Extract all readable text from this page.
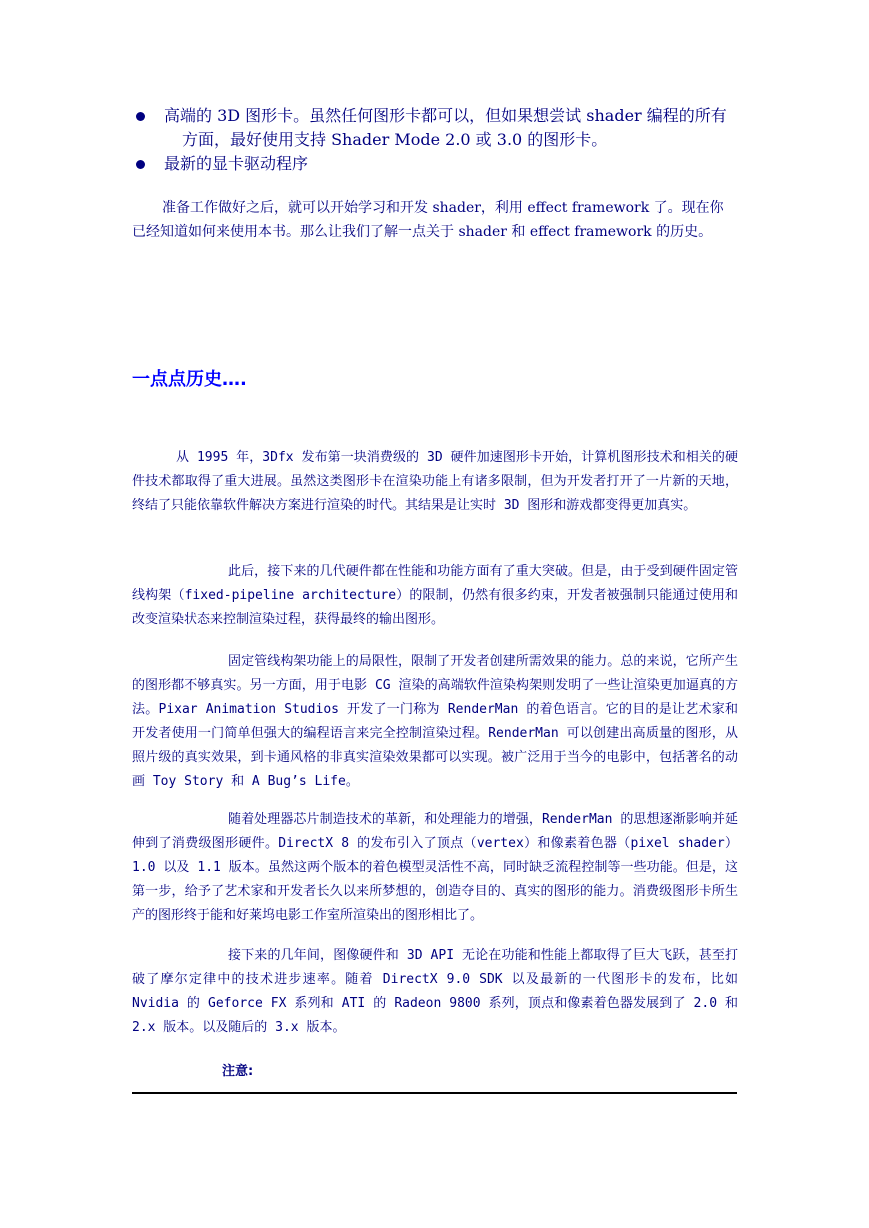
高端的 3D 图形卡。虽然任何图形卡都可以，但如果想尝试 shader 编程的所有方面，最好使用支持 Shader Mode 2.0 或 3.0 的图形卡。
最新的显卡驱动程序

准备工作做好之后，就可以开始学习和开发 shader，利用 effect framework 了。现在你已经知道如何来使用本书。那么让我们了解一点关于 shader 和 effect framework 的历史。

一点点历史….

从 1995 年，3Dfx 发布第一块消费级的 3D 硬件加速图形卡开始，计算机图形技术和相关的硬件技术都取得了重大进展。虽然这类图形卡在渲染功能上有诸多限制，但为开发者打开了一片新的天地，终结了只能依靠软件解决方案进行渲染的时代。其结果是让实时 3D 图形和游戏都变得更加真实。

此后，接下来的几代硬件都在性能和功能方面有了重大突破。但是，由于受到硬件固定管线构架（fixed-pipeline architecture）的限制，仍然有很多约束，开发者被强制只能通过使用和改变渲染状态来控制渲染过程，获得最终的输出图形。

固定管线构架功能上的局限性，限制了开发者创建所需效果的能力。总的来说，它所产生的图形都不够真实。另一方面，用于电影 CG 渲染的高端软件渲染构架则发明了一些让渲染更加逼真的方法。Pixar Animation Studios 开发了一门称为 RenderMan 的着色语言。它的目的是让艺术家和开发者使用一门简单但强大的编程语言来完全控制渲染过程。RenderMan 可以创建出高质量的图形，从照片级的真实效果，到卡通风格的非真实渲染效果都可以实现。被广泛用于当今的电影中，包括著名的动画 Toy Story 和 A Bug’s Life。

随着处理器芯片制造技术的革新，和处理能力的增强，RenderMan 的思想逐渐影响并延伸到了消费级图形硬件。DirectX 8 的发布引入了顶点（vertex）和像素着色器（pixel shader）1.0 以及 1.1 版本。虽然这两个版本的着色模型灵活性不高，同时缺乏流程控制等一些功能。但是，这第一步，给予了艺术家和开发者长久以来所梦想的，创造夺目的、真实的图形的能力。消费级图形卡所生产的图形终于能和好莱坞电影工作室所渲染出的图形相比了。

接下来的几年间，图像硬件和 3D API 无论在功能和性能上都取得了巨大飞跃，甚至打破了摩尔定律中的技术进步速率。随着 DirectX 9.0 SDK 以及最新的一代图形卡的发布，比如 Nvidia 的 Geforce FX 系列和 ATI 的 Radeon 9800 系列，顶点和像素着色器发展到了 2.0 和 2.x 版本。以及随后的 3.x 版本。

注意:
